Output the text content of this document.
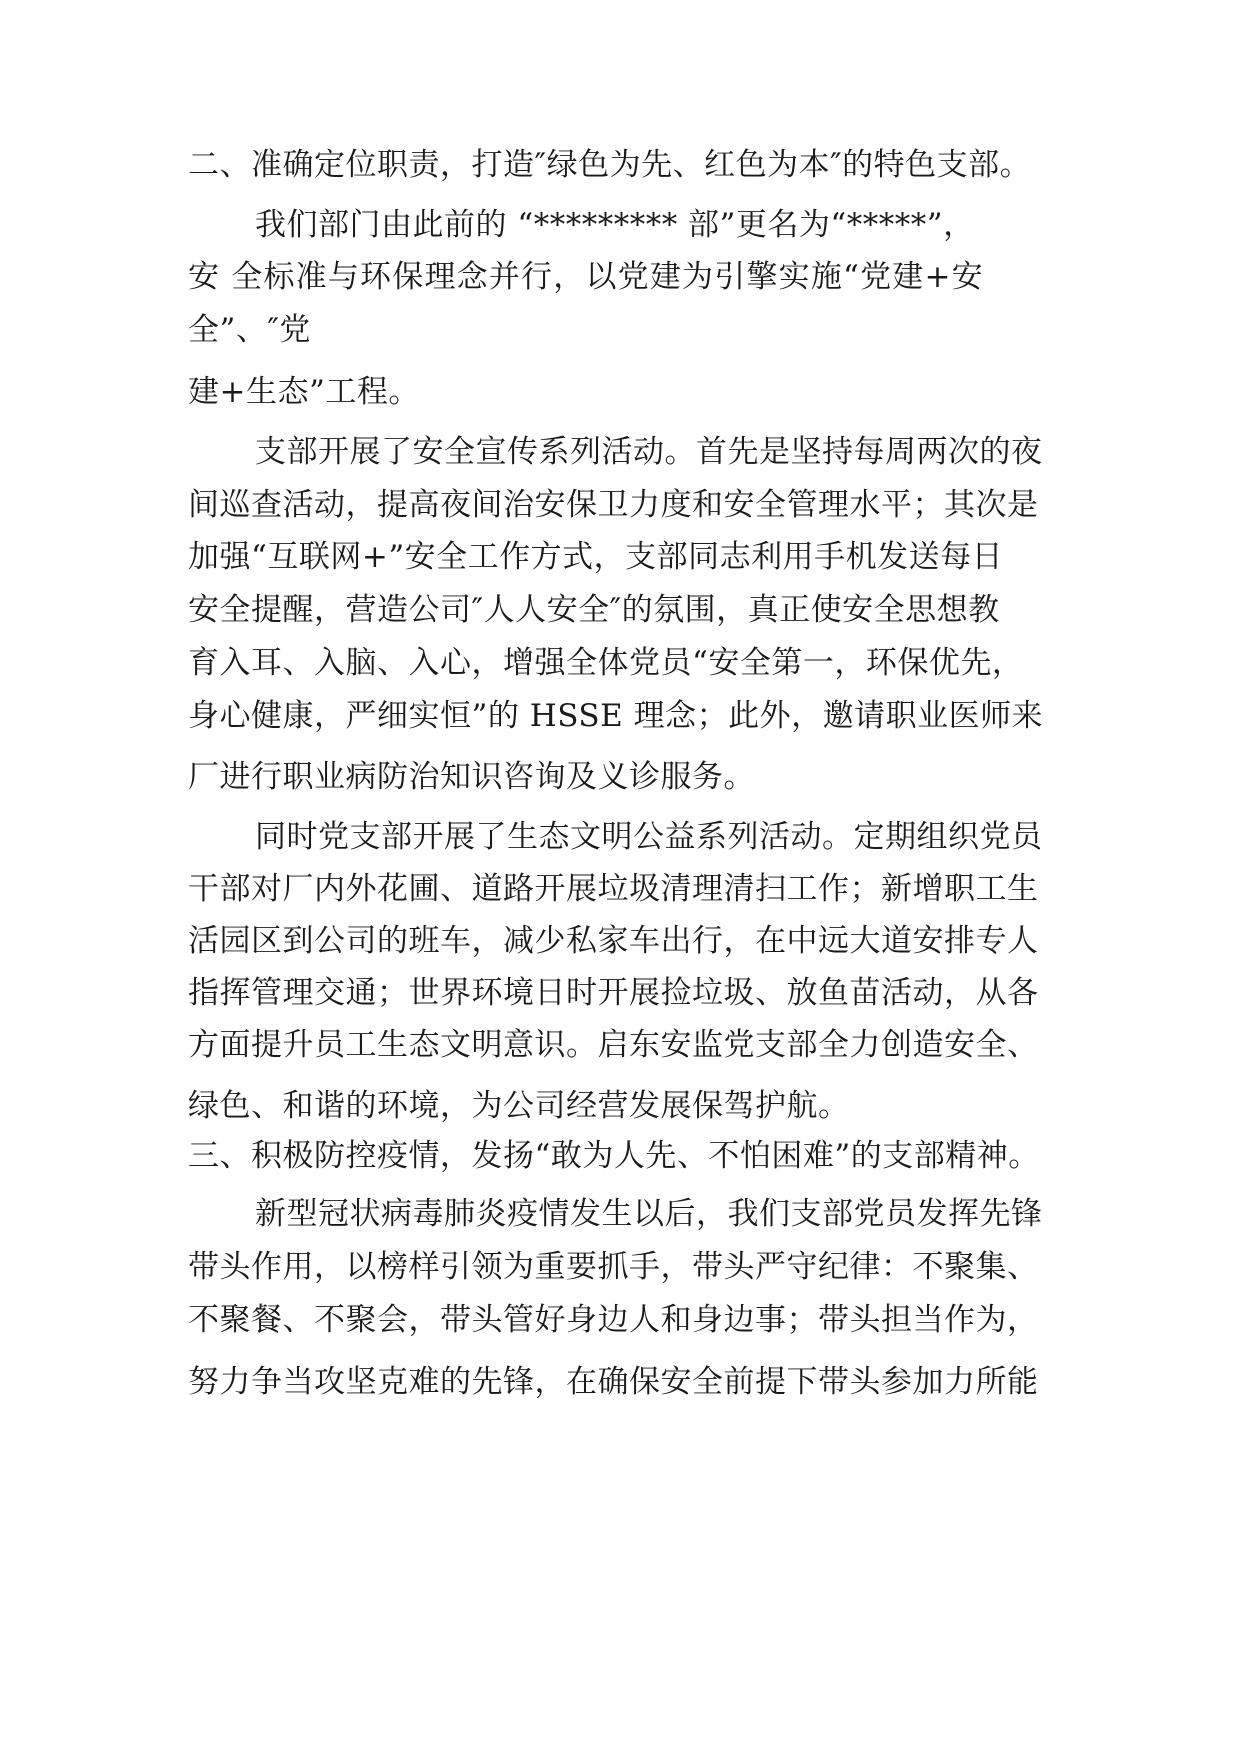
二、准确定位职责，打造″绿色为先、红色为本″的特色支部。
我们部门由此前的 “********* 部”更名为“*****”，
安 全标准与环保理念并行，以党建为引擎实施“党建+安
全”、″党
建+生态”工程。
支部开展了安全宣传系列活动。首先是坚持每周两次的夜
间巡查活动，提高夜间治安保卫力度和安全管理水平；其次是
加强“互联网+”安全工作方式，支部同志利用手机发送每日
安全提醒，营造公司″人人安全″的氛围，真正使安全思想教
育入耳、入脑、入心，增强全体党员“安全第一，环保优先，
身心健康，严细实恒”的 HSSE 理念；此外，邀请职业医师来
厂进行职业病防治知识咨询及义诊服务。
同时党支部开展了生态文明公益系列活动。定期组织党员
干部对厂内外花圃、道路开展垃圾清理清扫工作；新增职工生
活园区到公司的班车，减少私家车出行，在中远大道安排专人
指挥管理交通；世界环境日时开展捡垃圾、放鱼苗活动，从各
方面提升员工生态文明意识。启东安监党支部全力创造安全、
绿色、和谐的环境，为公司经营发展保驾护航。
三、积极防控疫情，发扬“敢为人先、不怕困难”的支部精神。
新型冠状病毒肺炎疫情发生以后，我们支部党员发挥先锋
带头作用，以榜样引领为重要抓手，带头严守纪律：不聚集、
不聚餐、不聚会，带头管好身边人和身边事；带头担当作为，
努力争当攻坚克难的先锋，在确保安全前提下带头参加力所能
